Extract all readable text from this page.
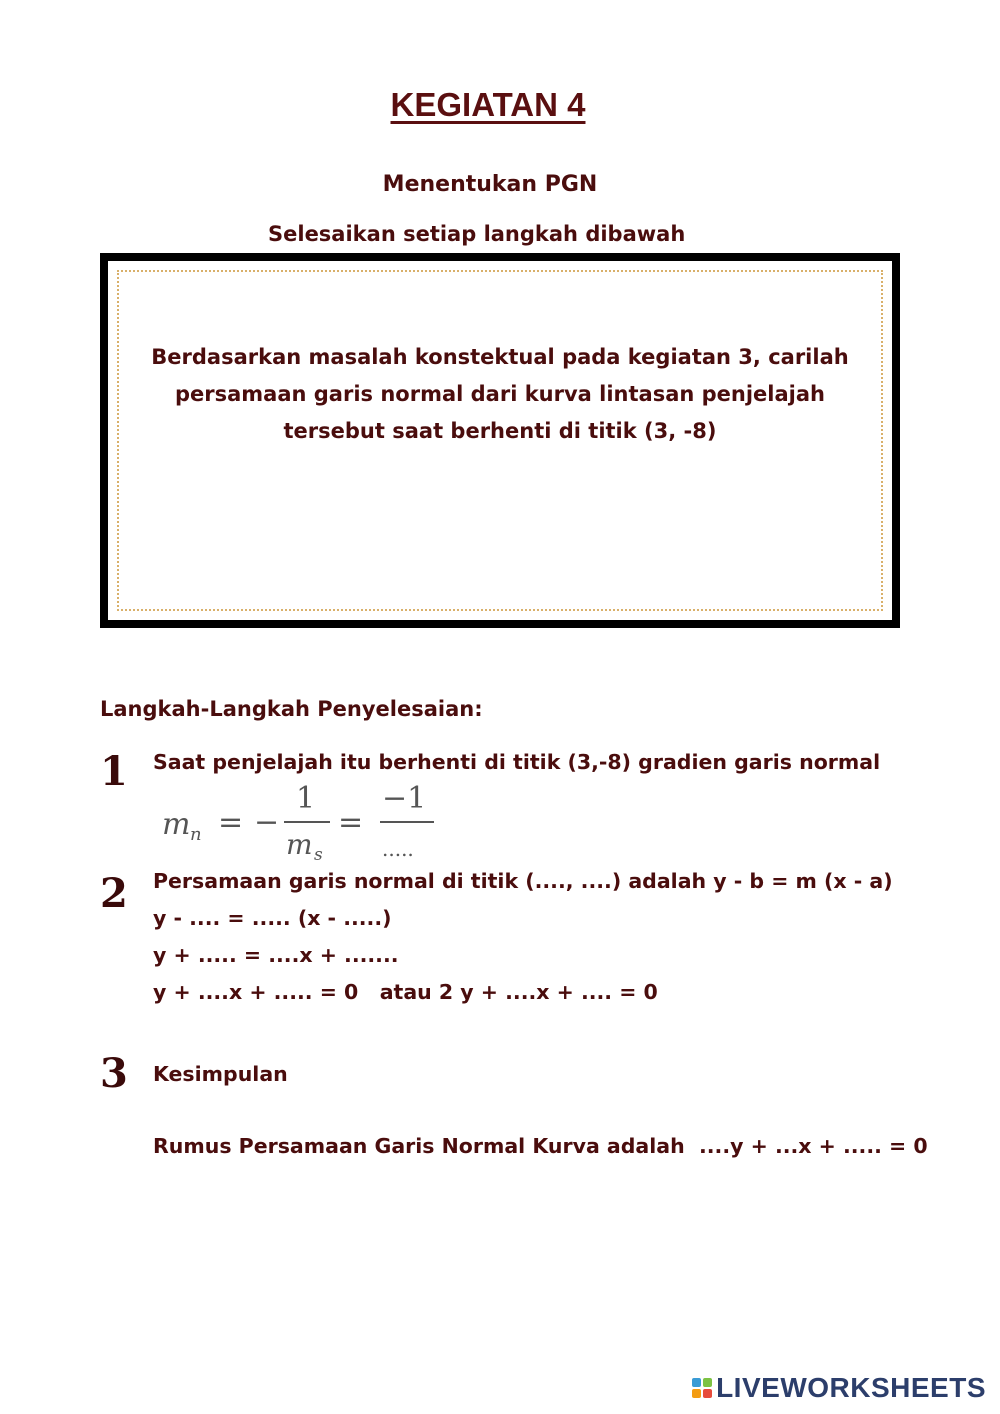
KEGIATAN 4
Menentukan PGN
Selesaikan setiap langkah dibawah
Berdasarkan masalah konstektual pada kegiatan 3, carilah
persamaan garis normal dari kurva lintasan penjelajah
tersebut saat berhenti di titik (3, -8)
Langkah-Langkah Penyelesaian:
1 Saat penjelajah itu berhenti di titik (3,-8) gradien garis normal
m n = −
1
m s
=
−1
.....
2 Persamaan garis normal di titik (...., ....) adalah y - b = m (x - a)
y - .... = ..... (x - .....)
y + ..... = ....x + .......
y + ....x + ..... = 0   atau 2 y + ....x + .... = 0
3 Kesimpulan
Rumus Persamaan Garis Normal Kurva adalah  ....y + ...x + ..... = 0
LIVEWORKSHEETS
